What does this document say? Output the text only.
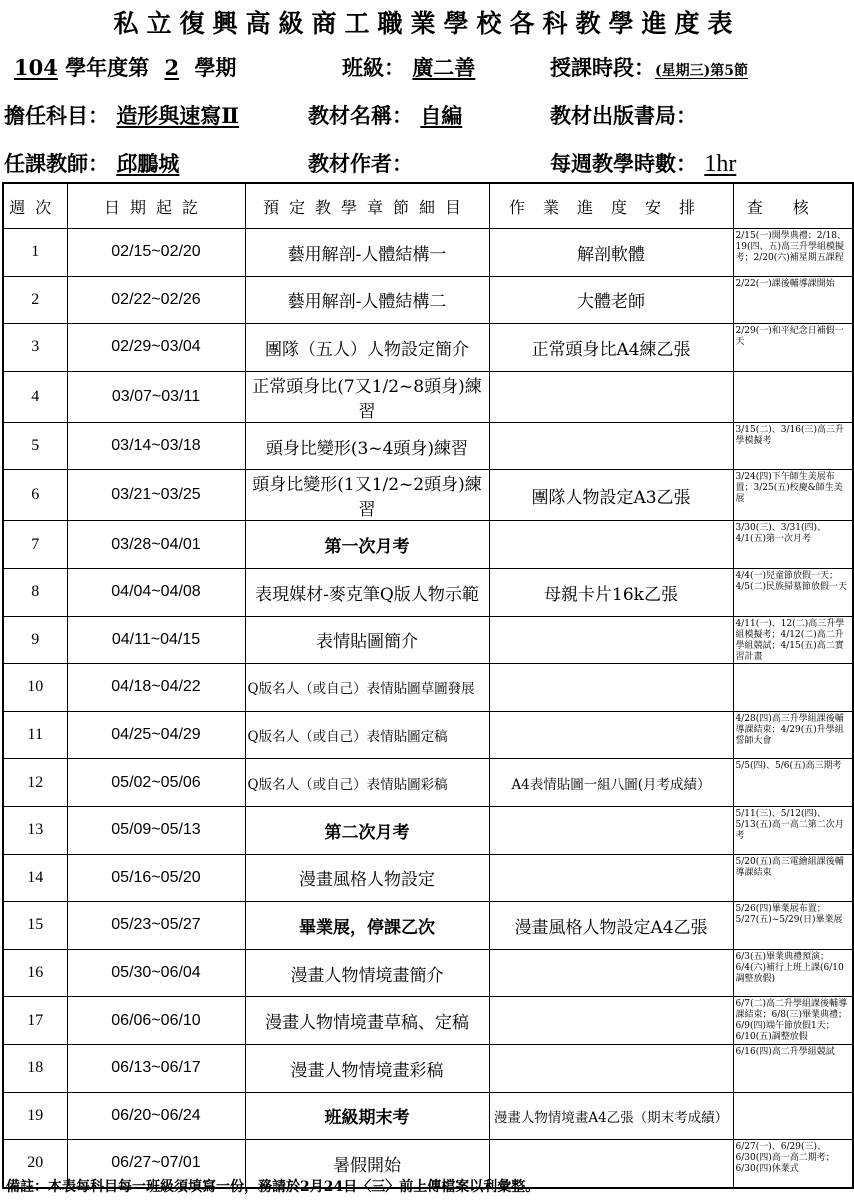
私立復興高級商工職業學校各科教學進度表
104 學年度第 2 學期	班級： 廣二善	授課時段：(星期三)第5節
擔任科目： 造形與速寫Ⅱ	教材名稱： 自編	教材出版書局：
任課教師： 邱鵬城	教材作者：	每週教學時數： 1hr
週次	日期起訖	預定教學章節細目	作業進度安排	查核
1	02/15~02/20	藝用解剖-人體結構一	解剖軟體	2/15(一)開學典禮；2/18、19(四、五)高三升學組模擬考；2/20(六)補星期五課程
2	02/22~02/26	藝用解剖-人體結構二	大體老師	2/22(一)課後輔導課開始
3	02/29~03/04	團隊（五人）人物設定簡介	正常頭身比A4練乙張	2/29(一)和平紀念日補假一天
4	03/07~03/11	正常頭身比(7又1/2~8頭身)練習		
5	03/14~03/18	頭身比變形(3~4頭身)練習		3/15(二)、3/16(三)高三升學模擬考
6	03/21~03/25	頭身比變形(1又1/2~2頭身)練習	團隊人物設定A3乙張	3/24(四)下午師生美展布置；3/25(五)校慶&師生美展
7	03/28~04/01	第一次月考		3/30(三)、3/31(四)、4/1(五)第一次月考
8	04/04~04/08	表現媒材-麥克筆Q版人物示範	母親卡片16k乙張	4/4(一)兒童節放假一天；4/5(二)民族掃墓節放假一天
9	04/11~04/15	表情貼圖簡介		4/11(一)、12(二)高三升學組模擬考；4/12(二)高二升學組競試；4/15(五)高二實習計畫
10	04/18~04/22	Q版名人（或自己）表情貼圖草圖發展		
11	04/25~04/29	Q版名人（或自己）表情貼圖定稿		4/28(四)高三升學組課後輔導課結束；4/29(五)升學組誓師大會
12	05/02~05/06	Q版名人（或自己）表情貼圖彩稿	A4表情貼圖一組八圖(月考成績）	5/5(四)、5/6(五)高三期考
13	05/09~05/13	第二次月考		5/11(三)、5/12(四)、5/13(五)高一高二第二次月考
14	05/16~05/20	漫畫風格人物設定		5/20(五)高三電繪組課後輔導課結束
15	05/23~05/27	畢業展，停課乙次	漫畫風格人物設定A4乙張	5/26(四)畢業展布置；5/27(五)~5/29(日)畢業展
16	05/30~06/04	漫畫人物情境畫簡介		6/3(五)畢業典禮預演；6/4(六)補行上班上課(6/10調整放假)
17	06/06~06/10	漫畫人物情境畫草稿、定稿		6/7(二)高二升學組課後輔導課結束；6/8(三)畢業典禮；6/9(四)端午節放假1天；6/10(五)調整放假
18	06/13~06/17	漫畫人物情境畫彩稿		6/16(四)高二升學組競試
19	06/20~06/24	班級期末考	漫畫人物情境畫A4乙張（期末考成績）	
20	06/27~07/01	暑假開始		6/27(一)、6/29(三)、6/30(四)高一高二期考；6/30(四)休業式
備註：本表每科目每一班級須填寫一份，務請於2月24日〈三〉前上傳檔案以利彙整。
